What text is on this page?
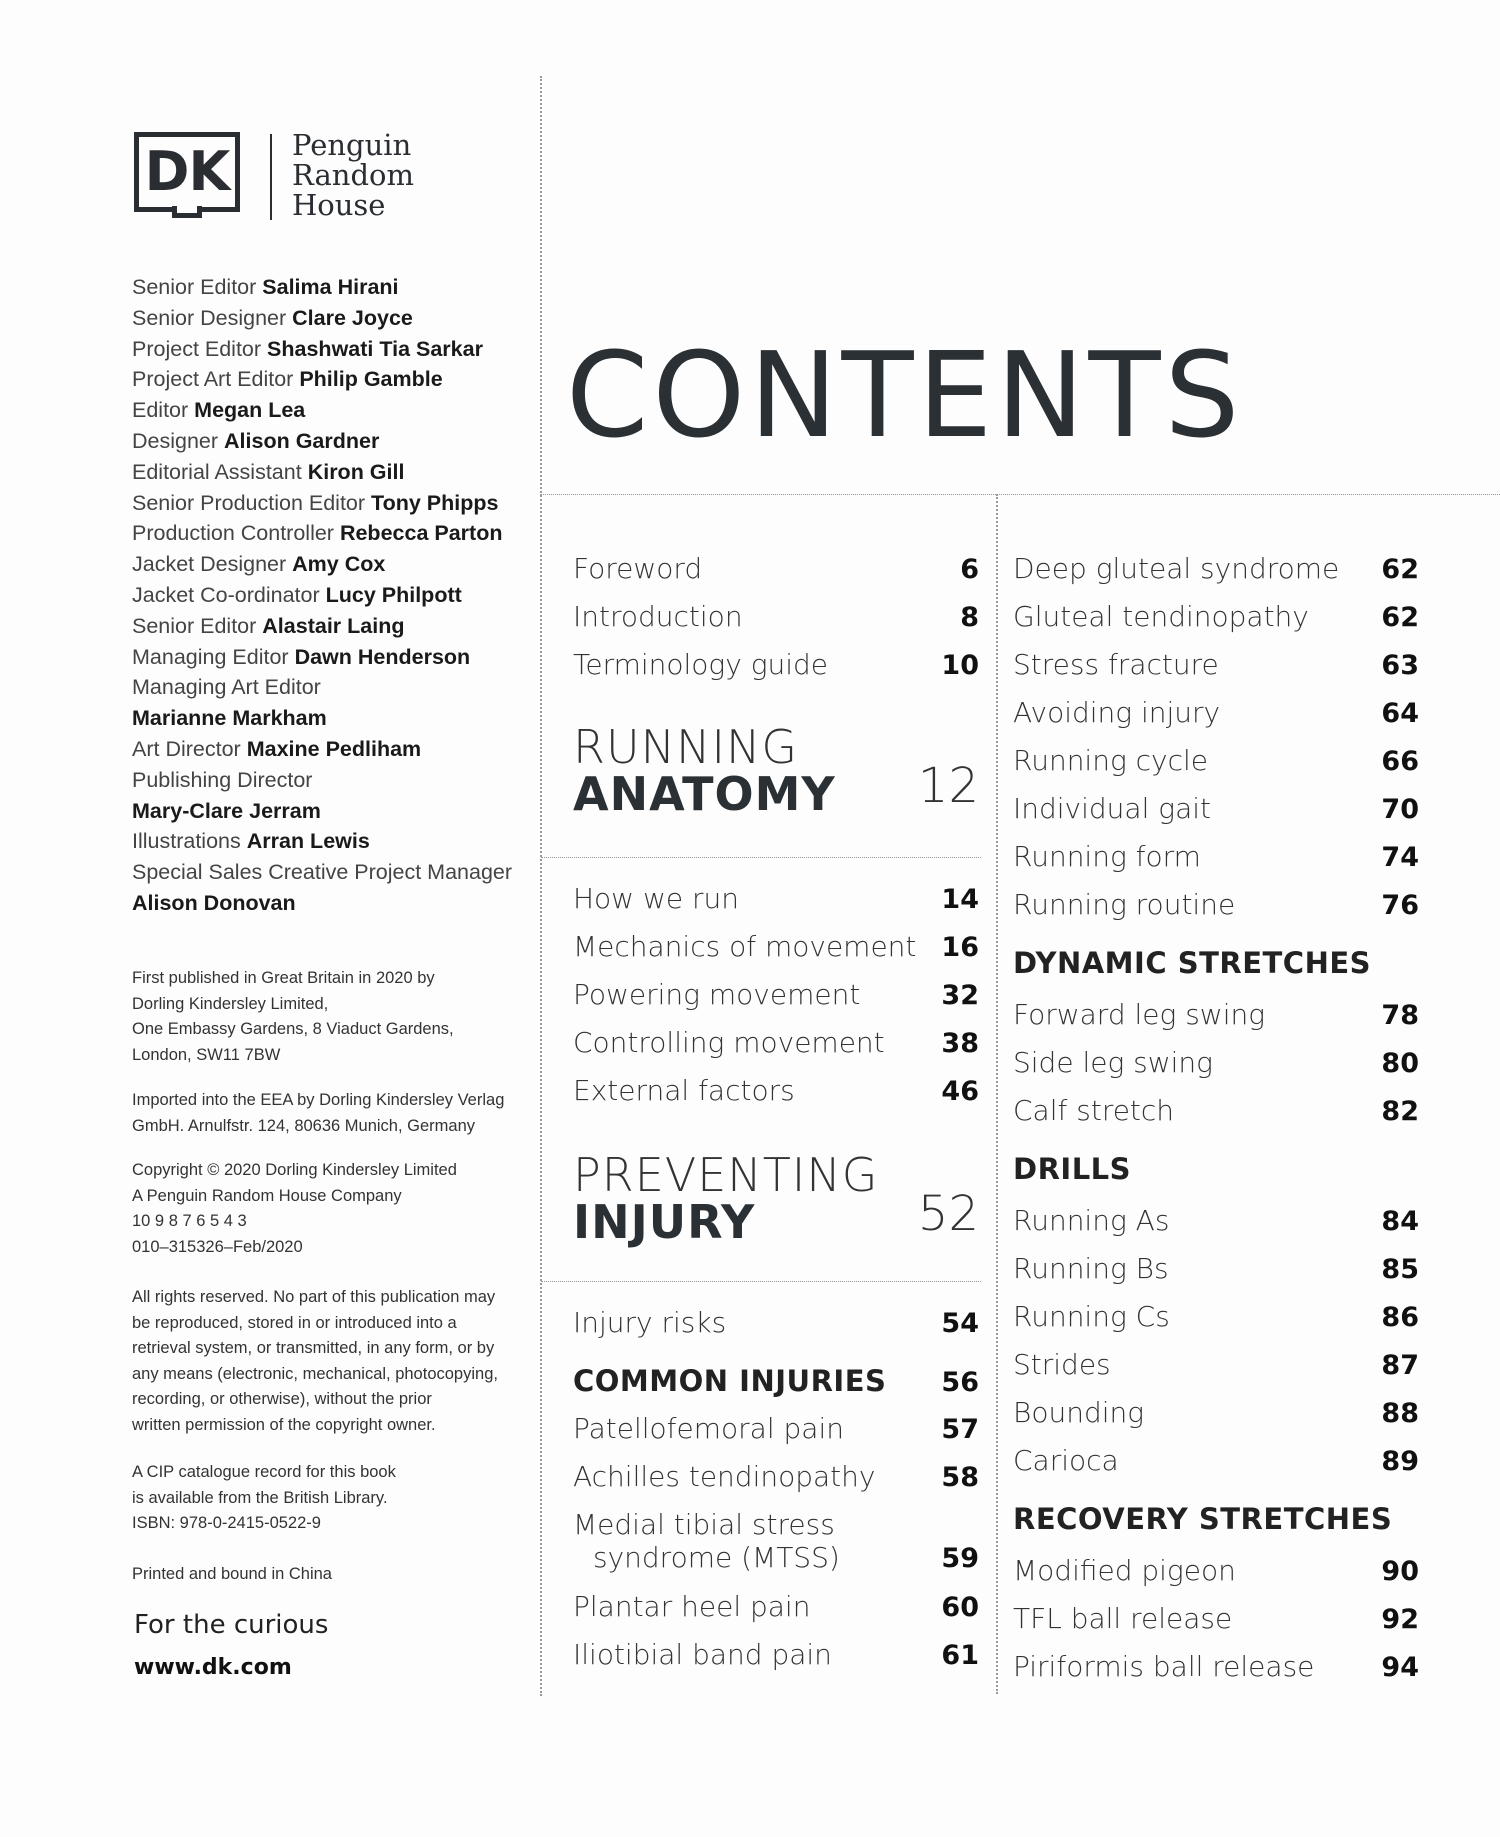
DK	Penguin
Random
House
Senior Editor Salima Hirani
Senior Designer Clare Joyce
Project Editor Shashwati Tia Sarkar
Project Art Editor Philip Gamble
Editor Megan Lea
Designer Alison Gardner
Editorial Assistant Kiron Gill
Senior Production Editor Tony Phipps
Production Controller Rebecca Parton
Jacket Designer Amy Cox
Jacket Co-ordinator Lucy Philpott
Senior Editor Alastair Laing
Managing Editor Dawn Henderson
Managing Art Editor
Marianne Markham
Art Director Maxine Pedliham
Publishing Director
Mary-Clare Jerram
Illustrations Arran Lewis
Special Sales Creative Project Manager
Alison Donovan
First published in Great Britain in 2020 by
Dorling Kindersley Limited,
One Embassy Gardens, 8 Viaduct Gardens,
London, SW11 7BW
Imported into the EEA by Dorling Kindersley Verlag
GmbH. Arnulfstr. 124, 80636 Munich, Germany
Copyright © 2020 Dorling Kindersley Limited
A Penguin Random House Company
10 9 8 7 6 5 4 3
010–315326–Feb/2020
All rights reserved. No part of this publication may
be reproduced, stored in or introduced into a
retrieval system, or transmitted, in any form, or by
any means (electronic, mechanical, photocopying,
recording, or otherwise), without the prior
written permission of the copyright owner.
A CIP catalogue record for this book
is available from the British Library.
ISBN: 978-0-2415-0522-9
Printed and bound in China
For the curious
www.dk.com
CONTENTS
Foreword	6
Introduction	8
Terminology guide	10
RUNNING
ANATOMY	12
How we run	14
Mechanics of movement 16
Powering movement	32
Controlling movement 38
External factors	46
PREVENTING
INJURY	52
Injury risks	54
COMMON INJURIES 56
Patellofemoral pain	57
Achilles tendinopathy 58
Medial tibial stress
syndrome (MTSS)	59
Plantar heel pain	60
Iliotibial band pain	61
Deep gluteal syndrome 62
Gluteal tendinopathy	62
Stress fracture	63
Avoiding injury	64
Running cycle	66
Individual gait	70
Running form	74
Running routine	76
DYNAMIC STRETCHES
Forward leg swing	78
Side leg swing	80
Calf stretch	82
DRILLS
Running As	84
Running Bs	85
Running Cs	86
Strides	87
Bounding	88
Carioca	89
RECOVERY STRETCHES
Modified pigeon	90
TFL ball release	92
Piriformis ball release 94
